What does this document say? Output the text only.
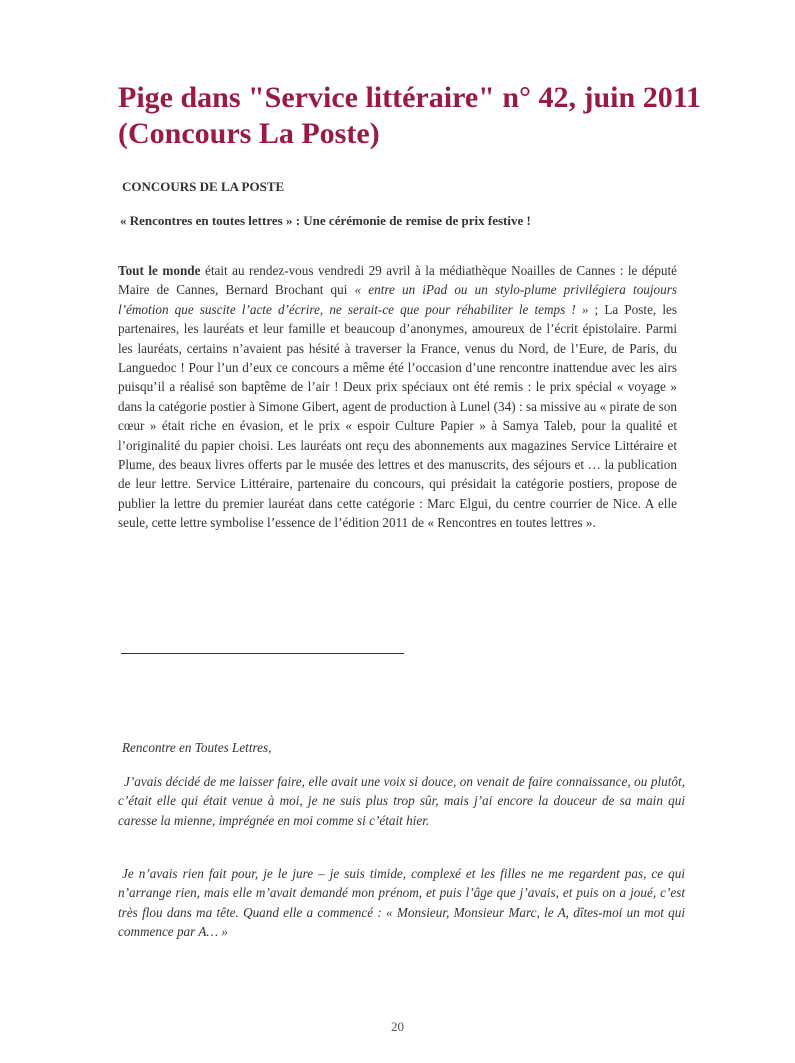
Pige dans "Service littéraire" n° 42, juin 2011 (Concours La Poste)

CONCOURS DE LA POSTE

« Rencontres en toutes lettres » : Une cérémonie de remise de prix festive !

Tout le monde était au rendez-vous vendredi 29 avril à la médiathèque Noailles de Cannes : le député Maire de Cannes, Bernard Brochant qui « entre un iPad ou un stylo-plume privilégiera toujours l’émotion que suscite l’acte d’écrire, ne serait-ce que pour réhabiliter le temps ! » ; La Poste, les partenaires, les lauréats et leur famille et beaucoup d’anonymes, amoureux de l’écrit épistolaire. Parmi les lauréats, certains n’avaient pas hésité à traverser la France, venus du Nord, de l’Eure, de Paris, du Languedoc ! Pour l’un d’eux ce concours a même été l’occasion d’une rencontre inattendue avec les airs puisqu’il a réalisé son baptême de l’air ! Deux prix spéciaux ont été remis : le prix spécial « voyage » dans la catégorie postier à Simone Gibert, agent de production à Lunel (34) : sa missive au « pirate de son cœur » était riche en évasion, et le prix « espoir Culture Papier » à Samya Taleb, pour la qualité et l’originalité du papier choisi. Les lauréats ont reçu des abonnements aux magazines Service Littéraire et Plume, des beaux livres offerts par le musée des lettres et des manuscrits, des séjours et … la publication de leur lettre. Service Littéraire, partenaire du concours, qui présidait la catégorie postiers, propose de publier la lettre du premier lauréat dans cette catégorie : Marc Elgui, du centre courrier de Nice. A elle seule, cette lettre symbolise l’essence de l’édition 2011 de « Rencontres en toutes lettres ».

Rencontre en Toutes Lettres,

J’avais décidé de me laisser faire, elle avait une voix si douce, on venait de faire connaissance, ou plutôt, c’était elle qui était venue à moi, je ne suis plus trop sûr, mais j’ai encore la douceur de sa main qui caresse la mienne, imprégnée en moi comme si c’était hier.

Je n’avais rien fait pour, je le jure – je suis timide, complexé et les filles ne me regardent pas, ce qui n’arrange rien, mais elle m’avait demandé mon prénom, et puis l’âge que j’avais, et puis on a joué, c’est très flou dans ma tête. Quand elle a commencé : « Monsieur, Monsieur Marc, le A, dîtes-moi un mot qui commence par A… »

20
